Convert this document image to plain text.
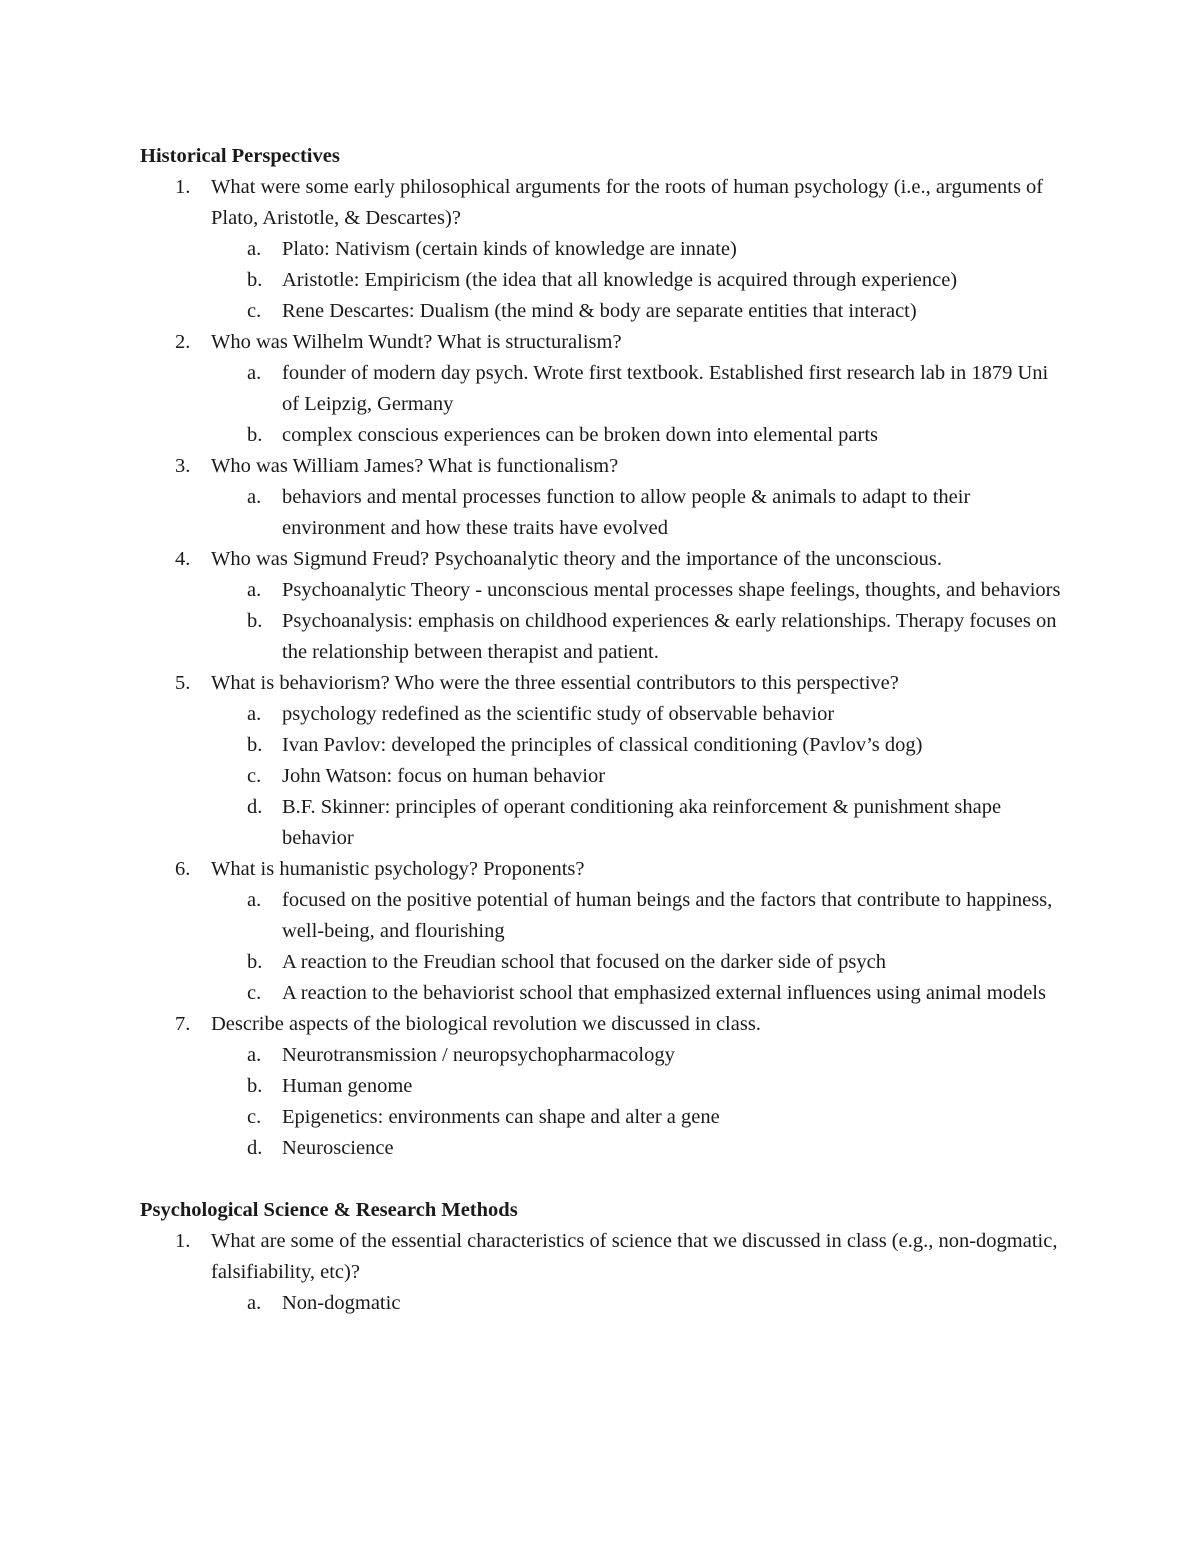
Historical Perspectives
1. What were some early philosophical arguments for the roots of human psychology (i.e., arguments of Plato, Aristotle, & Descartes)?
a. Plato: Nativism (certain kinds of knowledge are innate)
b. Aristotle: Empiricism (the idea that all knowledge is acquired through experience)
c. Rene Descartes: Dualism (the mind & body are separate entities that interact)
2. Who was Wilhelm Wundt? What is structuralism?
a. founder of modern day psych. Wrote first textbook. Established first research lab in 1879 Uni of Leipzig, Germany
b. complex conscious experiences can be broken down into elemental parts
3. Who was William James? What is functionalism?
a. behaviors and mental processes function to allow people & animals to adapt to their environment and how these traits have evolved
4. Who was Sigmund Freud? Psychoanalytic theory and the importance of the unconscious.
a. Psychoanalytic Theory - unconscious mental processes shape feelings, thoughts, and behaviors
b. Psychoanalysis: emphasis on childhood experiences & early relationships. Therapy focuses on the relationship between therapist and patient.
5. What is behaviorism? Who were the three essential contributors to this perspective?
a. psychology redefined as the scientific study of observable behavior
b. Ivan Pavlov: developed the principles of classical conditioning (Pavlov’s dog)
c. John Watson: focus on human behavior
d. B.F. Skinner: principles of operant conditioning aka reinforcement & punishment shape behavior
6. What is humanistic psychology? Proponents?
a. focused on the positive potential of human beings and the factors that contribute to happiness, well-being, and flourishing
b. A reaction to the Freudian school that focused on the darker side of psych
c. A reaction to the behaviorist school that emphasized external influences using animal models
7. Describe aspects of the biological revolution we discussed in class.
a. Neurotransmission / neuropsychopharmacology
b. Human genome
c. Epigenetics: environments can shape and alter a gene
d. Neuroscience
Psychological Science & Research Methods
1. What are some of the essential characteristics of science that we discussed in class (e.g., non-dogmatic, falsifiability, etc)?
a. Non-dogmatic
